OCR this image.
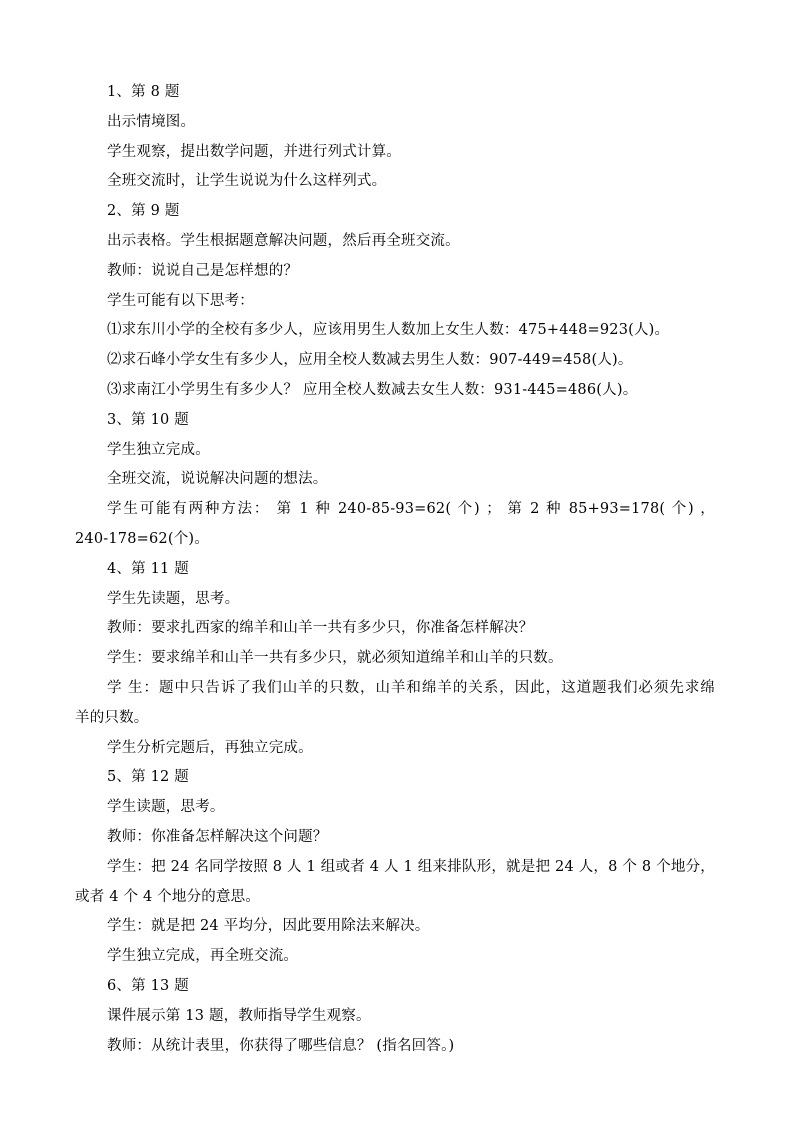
1、第 8 题
出示情境图。
学生观察，提出数学问题，并进行列式计算。
全班交流时，让学生说说为什么这样列式。
2、第 9 题
出示表格。学生根据题意解决问题，然后再全班交流。
教师：说说自己是怎样想的？
学生可能有以下思考：
⑴求东川小学的全校有多少人，应该用男生人数加上女生人数：475+448=923(人)。
⑵求石峰小学女生有多少人，应用全校人数减去男生人数：907-449=458(人)。
⑶求南江小学男生有多少人？ 应用全校人数减去女生人数：931-445=486(人)。
3、第 10 题
学生独立完成。
全班交流，说说解决问题的想法。
学生可能有两种方法： 第 1 种 240-85-93=62( 个) ； 第 2 种 85+93=178( 个) ，
240-178=62(个)。
4、第 11 题
学生先读题，思考。
教师：要求扎西家的绵羊和山羊一共有多少只，你准备怎样解决？
学生：要求绵羊和山羊一共有多少只，就必须知道绵羊和山羊的只数。
学 生：题中只告诉了我们山羊的只数，山羊和绵羊的关系，因此，这道题我们必须先求绵
羊的只数。
学生分析完题后，再独立完成。
5、第 12 题
学生读题，思考。
教师：你准备怎样解决这个问题？
学生：把 24 名同学按照 8 人 1 组或者 4 人 1 组来排队形，就是把 24 人，8 个 8 个地分，
或者 4 个 4 个地分的意思。
学生：就是把 24 平均分，因此要用除法来解决。
学生独立完成，再全班交流。
6、第 13 题
课件展示第 13 题，教师指导学生观察。
教师：从统计表里，你获得了哪些信息？ (指名回答。)
